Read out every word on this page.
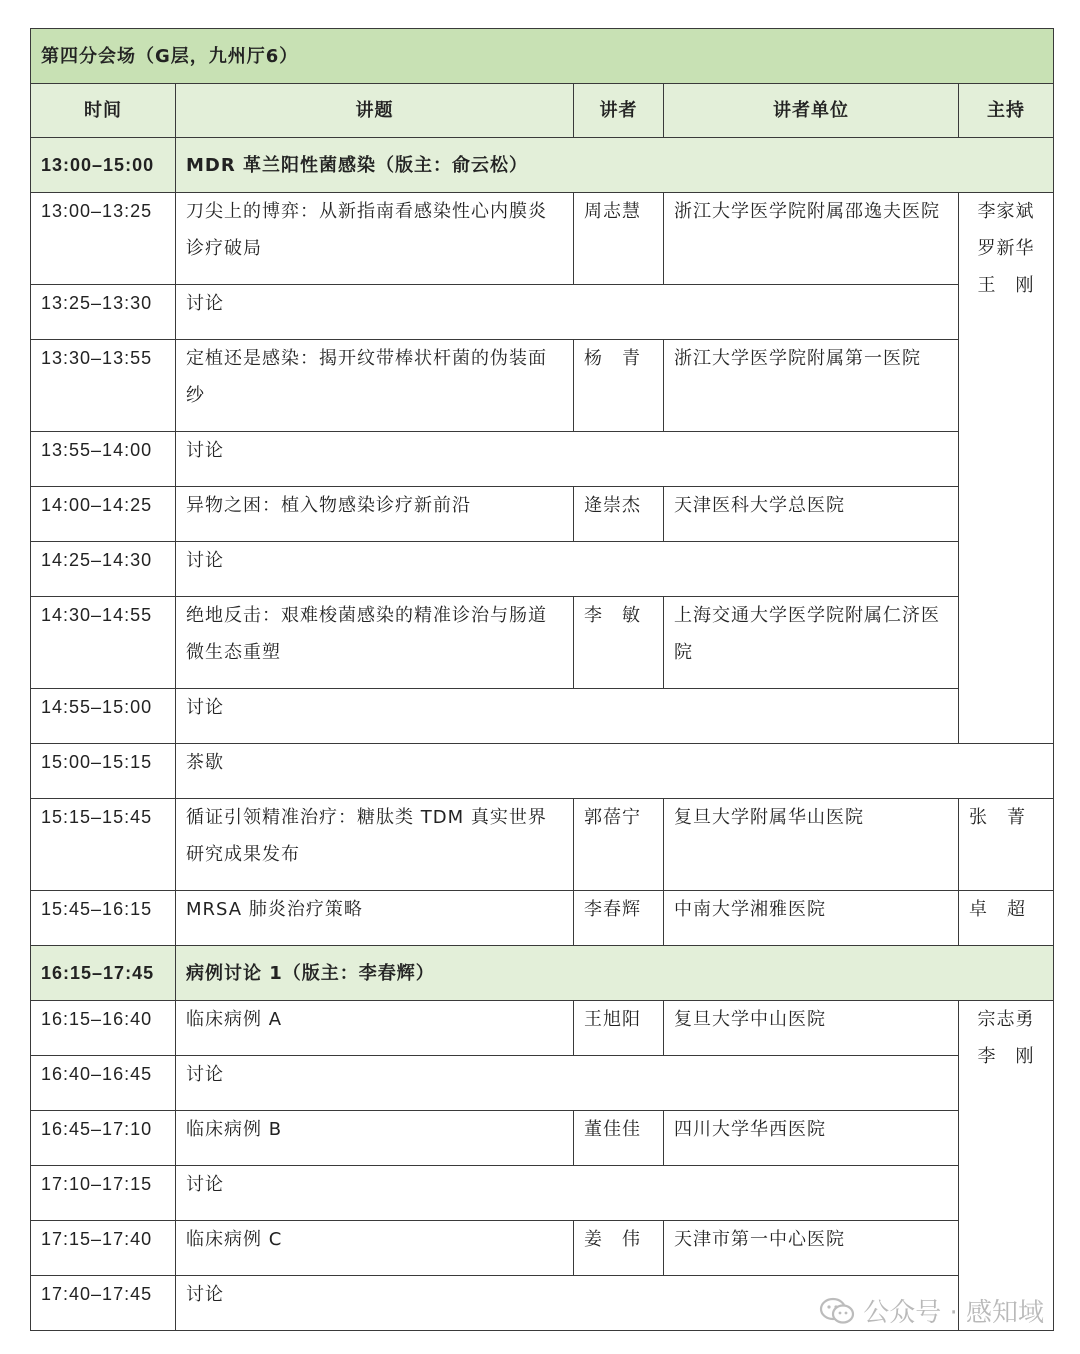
第四分会场（G层，九州厅6）				
时间	讲题	讲者	讲者单位	主持
13:00–15:00	MDR 革兰阳性菌感染（版主：俞云松）			
13:00–13:25	刀尖上的博弈：从新指南看感染性心内膜炎诊疗破局	周志慧	浙江大学医学院附属邵逸夫医院	李家斌
罗新华
王　刚

13:25–13:30	讨论			
13:30–13:55	定植还是感染：揭开纹带棒状杆菌的伪装面纱	杨　青	浙江大学医学院附属第一医院	
13:55–14:00	讨论			
14:00–14:25	异物之困：植入物感染诊疗新前沿	逄崇杰	天津医科大学总医院	
14:25–14:30	讨论			
14:30–14:55	绝地反击：艰难梭菌感染的精准诊治与肠道微生态重塑	李　敏	上海交通大学医学院附属仁济医院	
14:55–15:00	讨论			
15:00–15:15	茶歇			
15:15–15:45	循证引领精准治疗：糖肽类 TDM 真实世界研究成果发布	郭蓓宁	复旦大学附属华山医院	张　菁
15:45–16:15	MRSA 肺炎治疗策略	李春辉	中南大学湘雅医院	卓　超
16:15–17:45	病例讨论 1（版主：李春辉）			
16:15–16:40	临床病例 A	王旭阳	复旦大学中山医院	宗志勇
李　刚

16:40–16:45	讨论			
16:45–17:10	临床病例 B	董佳佳	四川大学华西医院	
17:10–17:15	讨论			
17:15–17:40	临床病例 C	姜　伟	天津市第一中心医院	
17:40–17:45	讨论			
公众号 · 感知域
